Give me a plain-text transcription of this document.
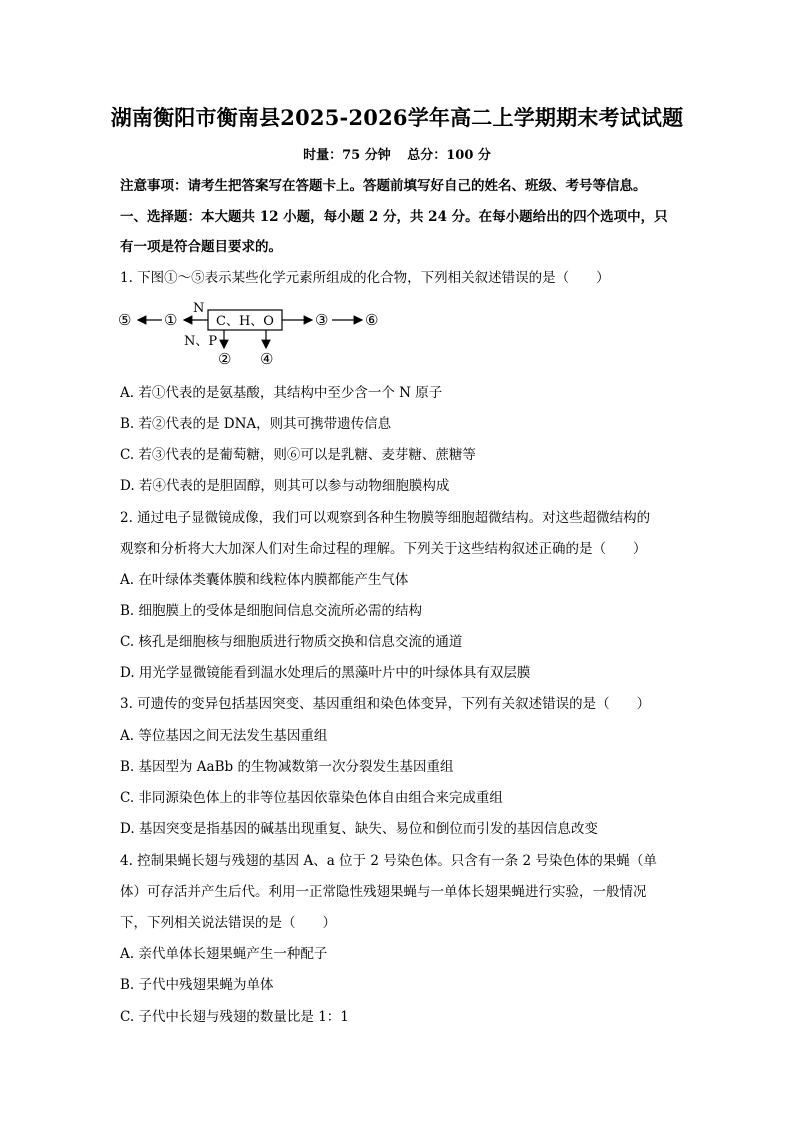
湖南衡阳市衡南县2025-2026学年高二上学期期末考试试题
时量：75 分钟 总分：100 分
注意事项：请考生把答案写在答题卡上。答题前填写好自己的姓名、班级、考号等信息。
一、选择题：本大题共 12 小题，每小题 2 分，共 24 分。在每小题给出的四个选项中，只
有一项是符合题目要求的。
1. 下图①～⑤表示某些化学元素所组成的化合物，下列相关叙述错误的是（　　）
C、H、O
N
N、P
①
⑤	③ ⑥
② ④
A. 若①代表的是氨基酸，其结构中至少含一个 N 原子
B. 若②代表的是 DNA，则其可携带遗传信息
C. 若③代表的是葡萄糖，则⑥可以是乳糖、麦芽糖、蔗糖等
D. 若④代表的是胆固醇，则其可以参与动物细胞膜构成
2. 通过电子显微镜成像，我们可以观察到各种生物膜等细胞超微结构。对这些超微结构的
观察和分析将大大加深人们对生命过程的理解。下列关于这些结构叙述正确的是（　　）
A. 在叶绿体类囊体膜和线粒体内膜都能产生气体
B. 细胞膜上的受体是细胞间信息交流所必需的结构
C. 核孔是细胞核与细胞质进行物质交换和信息交流的通道
D. 用光学显微镜能看到温水处理后的黑藻叶片中的叶绿体具有双层膜
3. 可遗传的变异包括基因突变、基因重组和染色体变异，下列有关叙述错误的是（　　）
A. 等位基因之间无法发生基因重组
B. 基因型为 AaBb 的生物减数第一次分裂发生基因重组
C. 非同源染色体上的非等位基因依靠染色体自由组合来完成重组
D. 基因突变是指基因的碱基出现重复、缺失、易位和倒位而引发的基因信息改变
4. 控制果蝇长翅与残翅的基因 A、a 位于 2 号染色体。只含有一条 2 号染色体的果蝇（单
体）可存活并产生后代。利用一正常隐性残翅果蝇与一单体长翅果蝇进行实验，一般情况
下，下列相关说法错误的是（　　）
A. 亲代单体长翅果蝇产生一种配子
B. 子代中残翅果蝇为单体
C. 子代中长翅与残翅的数量比是 1：1
